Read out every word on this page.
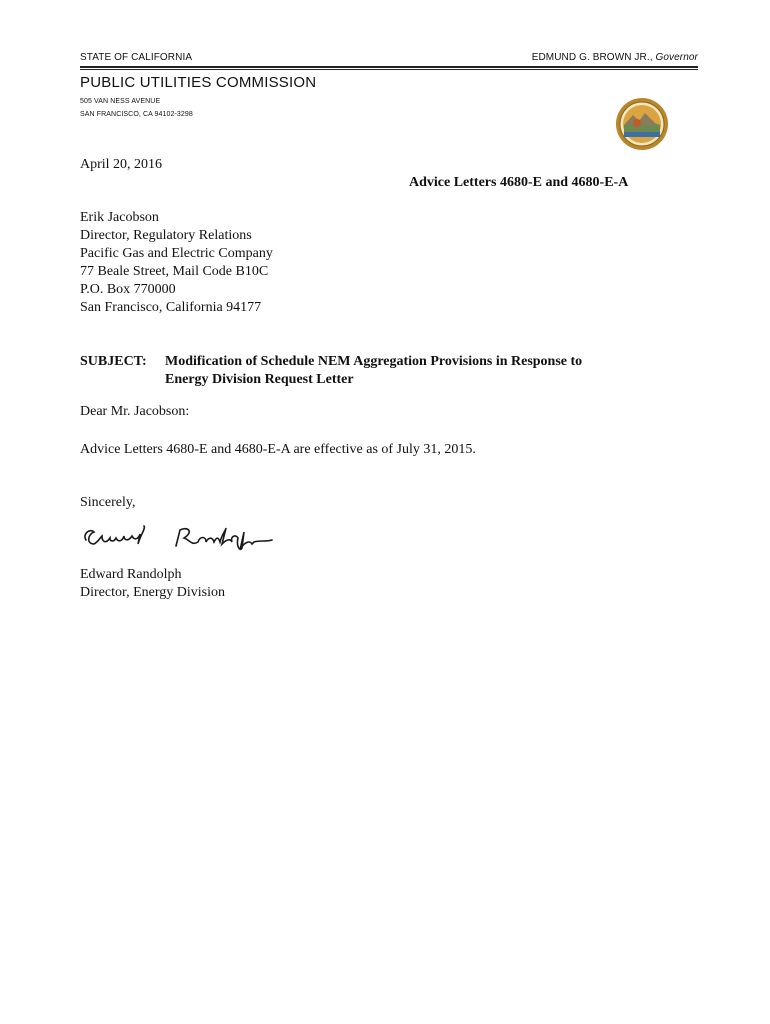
STATE OF CALIFORNIA	EDMUND G. BROWN JR., Governor
PUBLIC UTILITIES COMMISSION
505 VAN NESS AVENUE
SAN FRANCISCO, CA 94102-3298
April 20, 2016
Advice Letters 4680-E and 4680-E-A
Erik Jacobson
Director, Regulatory Relations
Pacific Gas and Electric Company
77 Beale Street, Mail Code B10C
P.O. Box 770000
San Francisco, California 94177
SUBJECT: Modification of Schedule NEM Aggregation Provisions in Response to
Energy Division Request Letter
Dear Mr. Jacobson:
Advice Letters 4680-E and 4680-E-A are effective as of July 31, 2015.
Sincerely,
Edward Randolph
Director, Energy Division
